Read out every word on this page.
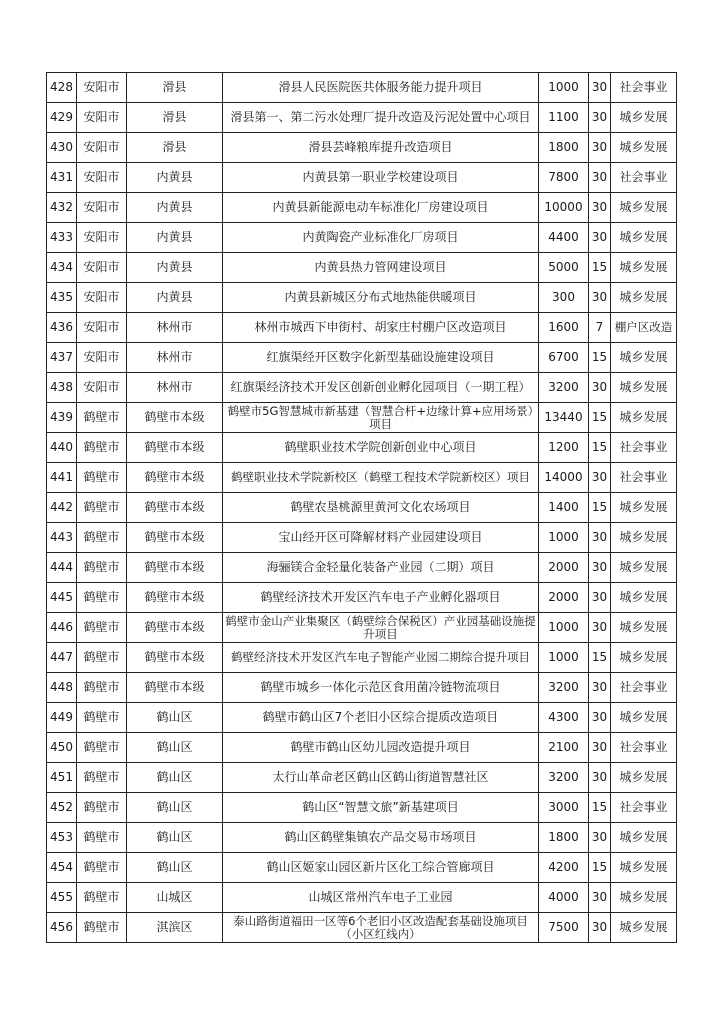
428	安阳市	滑县	滑县人民医院医共体服务能力提升项目	1000	30	社会事业
429	安阳市	滑县	滑县第一、第二污水处理厂提升改造及污泥处置中心项目	1100	30	城乡发展
430	安阳市	滑县	滑县芸峰粮库提升改造项目	1800	30	城乡发展
431	安阳市	内黄县	内黄县第一职业学校建设项目	7800	30	社会事业
432	安阳市	内黄县	内黄县新能源电动车标准化厂房建设项目	10000	30	城乡发展
433	安阳市	内黄县	内黄陶瓷产业标准化厂房项目	4400	30	城乡发展
434	安阳市	内黄县	内黄县热力管网建设项目	5000	15	城乡发展
435	安阳市	内黄县	内黄县新城区分布式地热能供暖项目	300	30	城乡发展
436	安阳市	林州市	林州市城西下申街村、胡家庄村棚户区改造项目	1600	7	棚户区改造
437	安阳市	林州市	红旗渠经开区数字化新型基础设施建设项目	6700	15	城乡发展
438	安阳市	林州市	红旗渠经济技术开发区创新创业孵化园项目（一期工程）	3200	30	城乡发展
439	鹤壁市	鹤壁市本级	鹤壁市5G智慧城市新基建（智慧合杆+边缘计算+应用场景）项目	13440	15	城乡发展
440	鹤壁市	鹤壁市本级	鹤壁职业技术学院创新创业中心项目	1200	15	社会事业
441	鹤壁市	鹤壁市本级	鹤壁职业技术学院新校区（鹤壁工程技术学院新校区）项目	14000	30	社会事业
442	鹤壁市	鹤壁市本级	鹤壁农垦桃源里黄河文化农场项目	1400	15	城乡发展
443	鹤壁市	鹤壁市本级	宝山经开区可降解材料产业园建设项目	1000	30	城乡发展
444	鹤壁市	鹤壁市本级	海骊镁合金轻量化装备产业园（二期）项目	2000	30	城乡发展
445	鹤壁市	鹤壁市本级	鹤壁经济技术开发区汽车电子产业孵化器项目	2000	30	城乡发展
446	鹤壁市	鹤壁市本级	鹤壁市金山产业集聚区（鹤壁综合保税区）产业园基础设施提升项目	1000	30	城乡发展
447	鹤壁市	鹤壁市本级	鹤壁经济技术开发区汽车电子智能产业园二期综合提升项目	1000	15	城乡发展
448	鹤壁市	鹤壁市本级	鹤壁市城乡一体化示范区食用菌冷链物流项目	3200	30	社会事业
449	鹤壁市	鹤山区	鹤壁市鹤山区7个老旧小区综合提质改造项目	4300	30	城乡发展
450	鹤壁市	鹤山区	鹤壁市鹤山区幼儿园改造提升项目	2100	30	社会事业
451	鹤壁市	鹤山区	太行山革命老区鹤山区鹤山街道智慧社区	3200	30	城乡发展
452	鹤壁市	鹤山区	鹤山区“智慧文旅”新基建项目	3000	15	社会事业
453	鹤壁市	鹤山区	鹤山区鹤壁集镇农产品交易市场项目	1800	30	城乡发展
454	鹤壁市	鹤山区	鹤山区姬家山园区新片区化工综合管廊项目	4200	15	城乡发展
455	鹤壁市	山城区	山城区常州汽车电子工业园	4000	30	城乡发展
456	鹤壁市	淇滨区	泰山路街道福田一区等6个老旧小区改造配套基础设施项目（小区红线内）	7500	30	城乡发展
